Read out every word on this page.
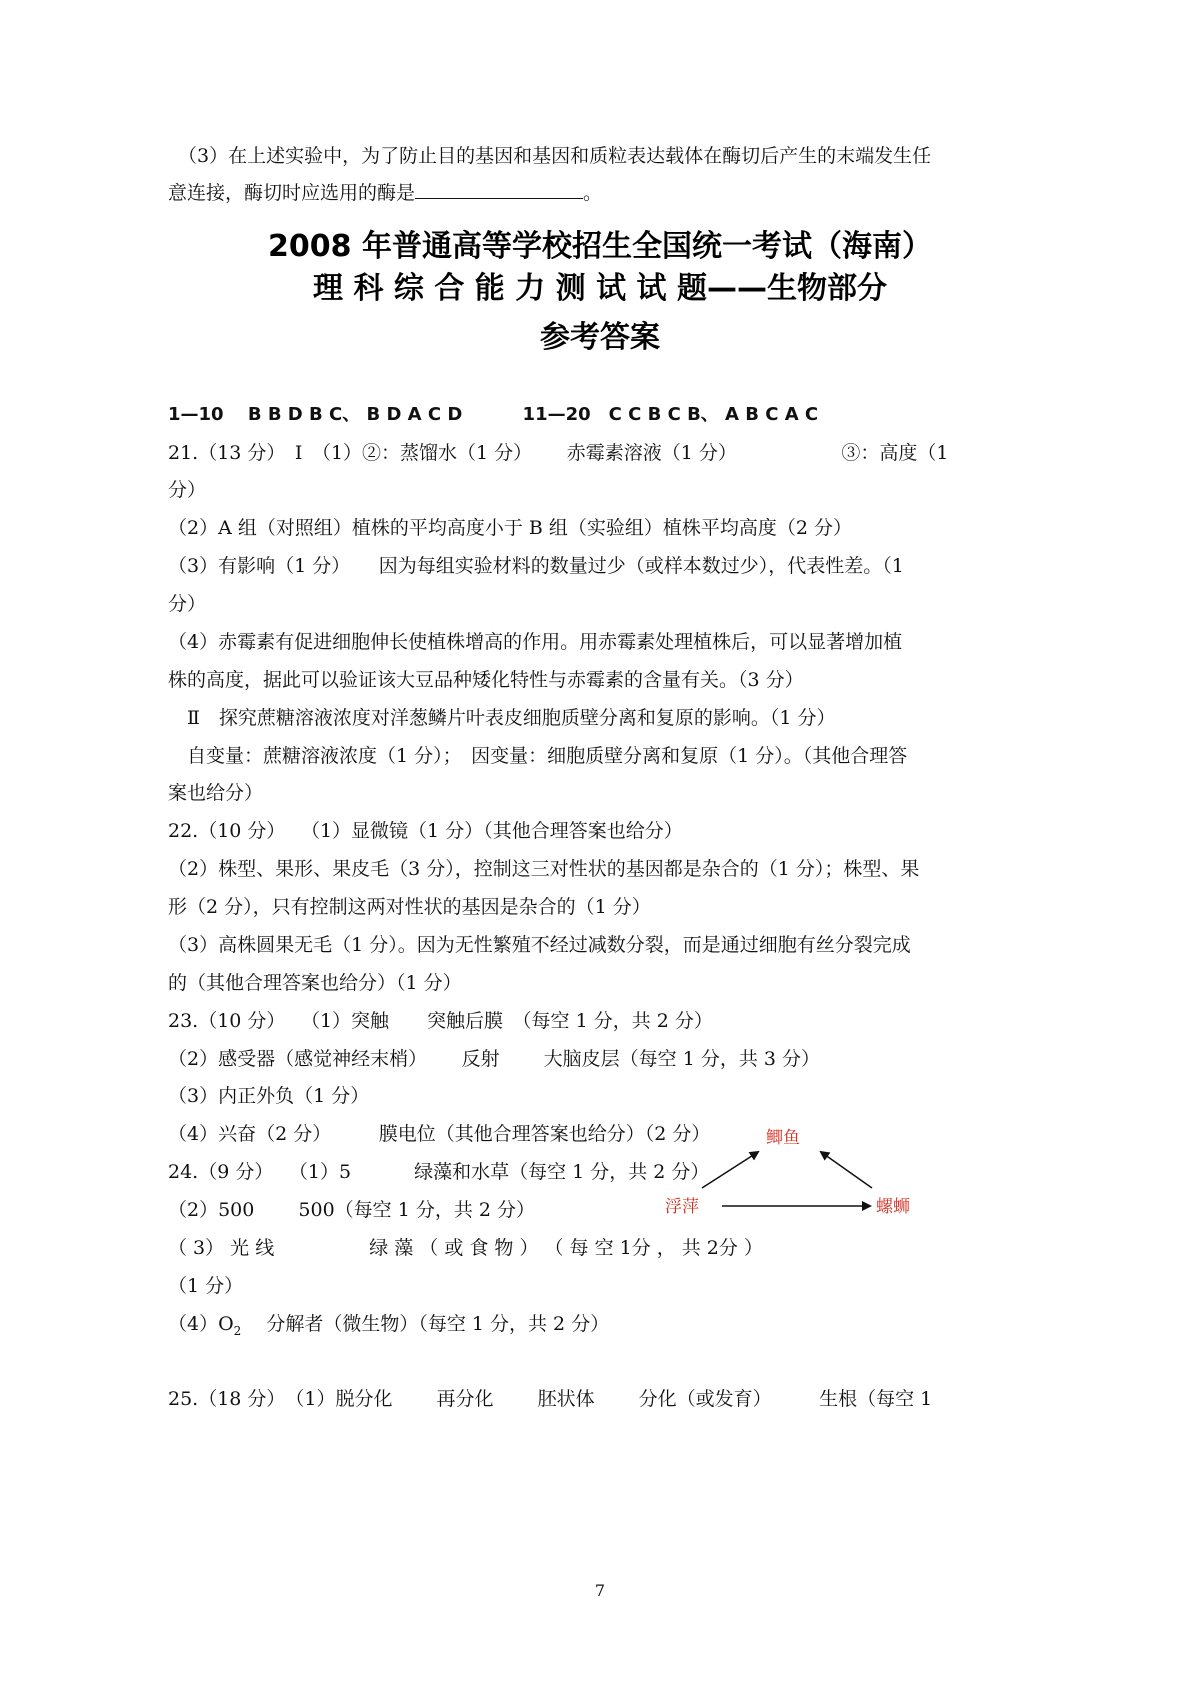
（3）在上述实验中，为了防止目的基因和基因和质粒表达载体在酶切后产生的末端发生任
意连接，酶切时应选用的酶是	。
2008 年普通高等学校招生全国统一考试（海南）
理 科 综 合 能 力 测 试 试 题——生物部分
参考答案
1—10　 B B D B C、 B D A C D　　　 11—20　C C B C B、 A B C A C
21.（13 分）　Ⅰ　（1）②：蒸馏水（1 分）　　 赤霉素溶液（1 分）　　　　　　③：高度（1
分）
（2）A 组（对照组）植株的平均高度小于 B 组（实验组）植株平均高度（2 分）
（3）有影响（1 分）　　因为每组实验材料的数量过少（或样本数过少），代表性差。（1
分）
（4）赤霉素有促进细胞伸长使植株增高的作用。用赤霉素处理植株后，可以显著增加植
株的高度，据此可以验证该大豆品种矮化特性与赤霉素的含量有关。（3 分）
　Ⅱ　探究蔗糖溶液浓度对洋葱鳞片叶表皮细胞质壁分离和复原的影响。（1 分）
　自变量：蔗糖溶液浓度（1 分）；　因变量：细胞质壁分离和复原（1 分）。（其他合理答
案也给分）
22.（10 分）　 （1）显微镜（1 分）（其他合理答案也给分）
（2）株型、果形、果皮毛（3 分），控制这三对性状的基因都是杂合的（1 分）；株型、果
形（2 分），只有控制这两对性状的基因是杂合的（1 分）
（3）高株圆果无毛（1 分）。因为无性繁殖不经过减数分裂，而是通过细胞有丝分裂完成
的（其他合理答案也给分）（1 分）
23.（10 分）　 （1）突触　　突触后膜　（每空 1 分，共 2 分）
（2）感受器（感觉神经末梢）　　 反射　　 大脑皮层（每空 1 分，共 3 分）
（3）内正外负（1 分）
（4）兴奋（2 分）　　　膜电位（其他合理答案也给分）（2 分）
24.（9 分）　 （1）5　　　 绿藻和水草（每空 1 分，共 2 分）
（2）500　　 500（每空 1 分，共 2 分）
（ 3） 光 线　　　　　绿 藻 （ 或 食 物 ） （ 每 空 1分 ， 共 2分 ）
（1 分）
$(4)O_2$　 分解者（微生物）（每空 1 分，共 2 分）
25.（18 分）　（1）脱分化　　 再分化　　 胚状体　　 分化（或发育）　　　生根（每空 1
鲫鱼
浮萍	螺蛳
7
